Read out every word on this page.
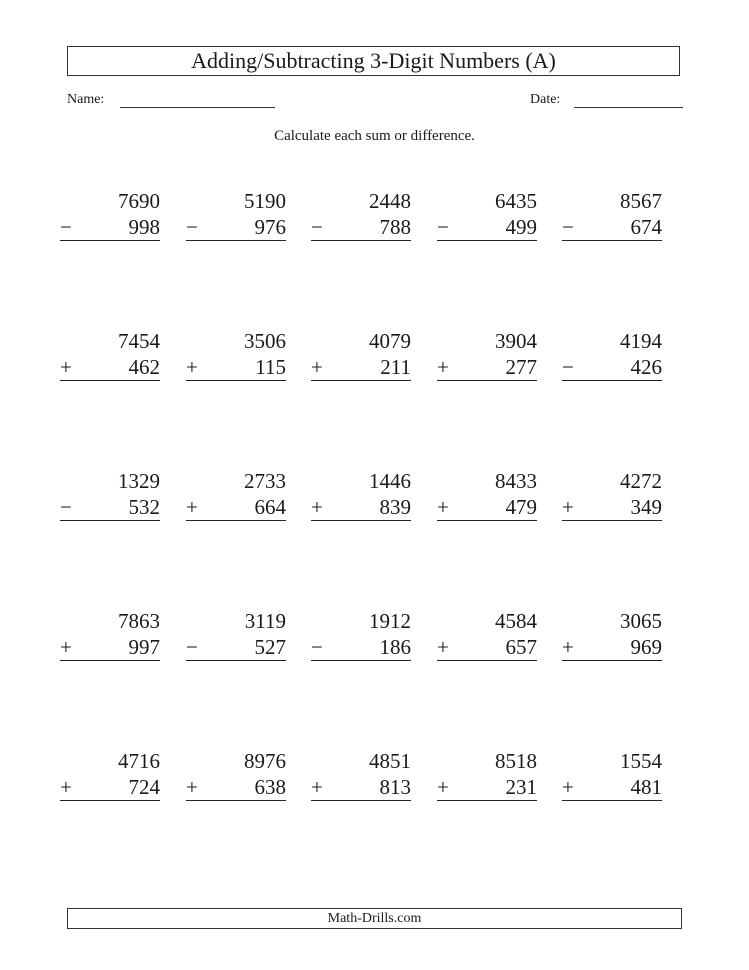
Adding/Subtracting 3-Digit Numbers (A)
Name:	Date:
Calculate each sum or difference.
7690
−	998
5190
−	976
2448
−	788
6435
−	499
8567
−	674
7454
+	462
3506
+	115
4079
+	211
3904
+	277
4194
−	426
1329
−	532
2733
+	664
1446
+	839
8433
+	479
4272
+	349
7863
+	997
3119
−	527
1912
−	186
4584
+	657
3065
+	969
4716
+	724
8976
+	638
4851
+	813
8518
+	231
1554
+	481
Math-Drills.com
